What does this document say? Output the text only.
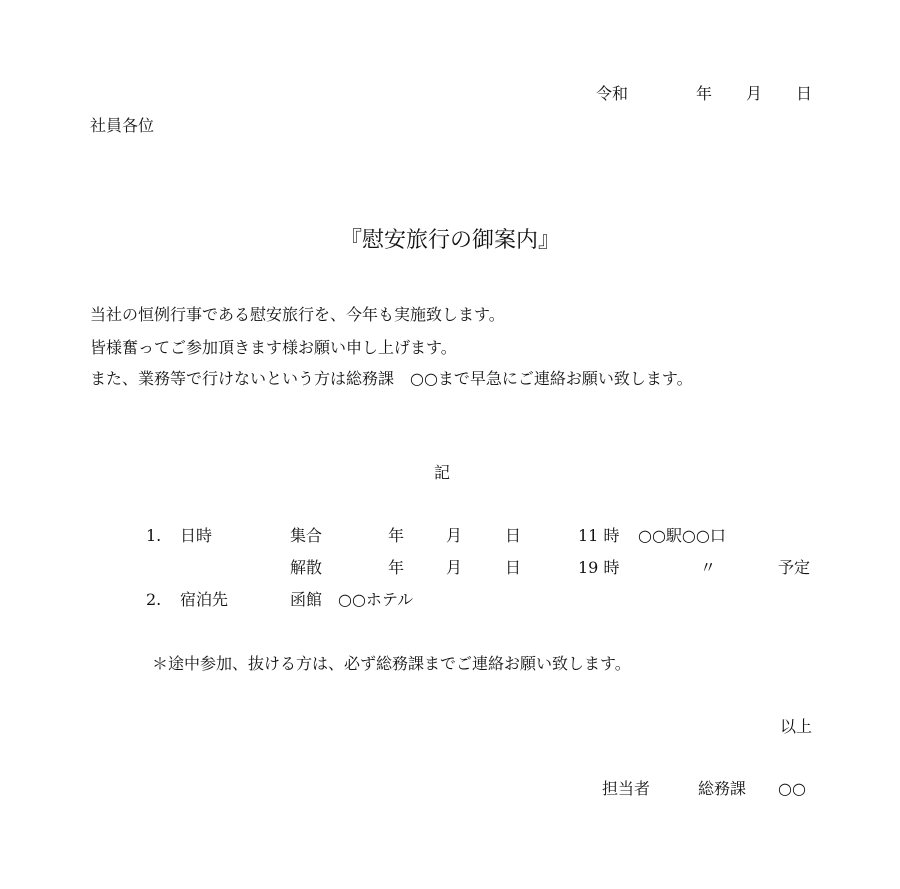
令和	年 月 日
社員各位
『慰安旅行の御案内』
当社の恒例行事である慰安旅行を、今年も実施致します。
皆様奮ってご参加頂きます様お願い申し上げます。
また、業務等で行けないという方は総務課　○○まで早急にご連絡お願い致します。
記
1. 日時	集合	年	月	日	11 時 ○○駅○○口
解散	年	月	日	19 時	〃	予定
2. 宿泊先	函館　○○ホテル
＊途中参加、抜ける方は、必ず総務課までご連絡お願い致します。
以上
担当者	総務課 ○○
